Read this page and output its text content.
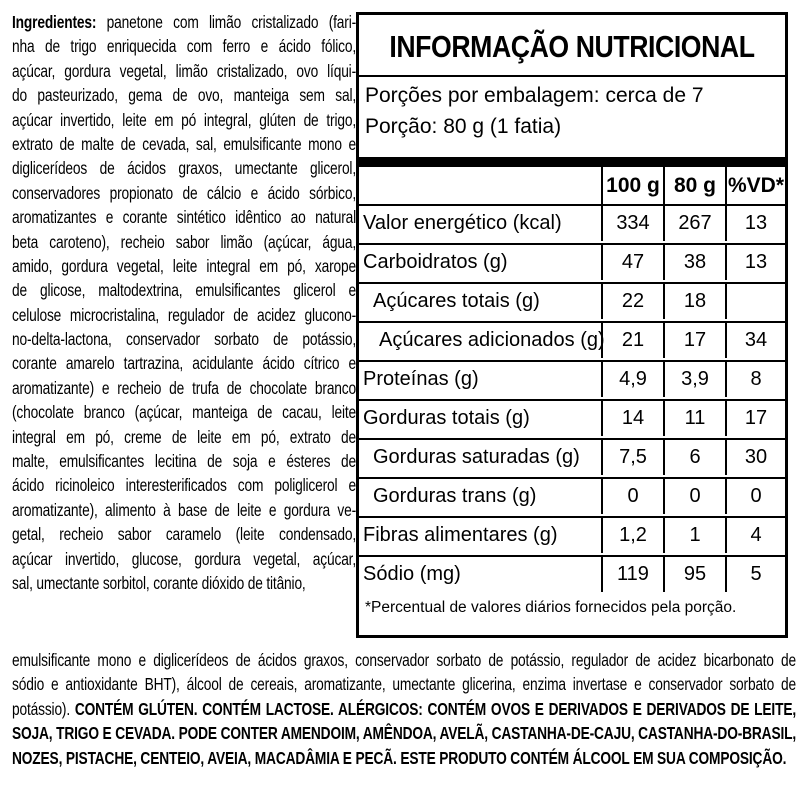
Ingredientes: panetone com limão cristalizado (fari-
nha de trigo enriquecida com ferro e ácido fólico,
açúcar, gordura vegetal, limão cristalizado, ovo líqui-
do pasteurizado, gema de ovo, manteiga sem sal,
açúcar invertido, leite em pó integral, glúten de trigo,
extrato de malte de cevada, sal, emulsificante mono e
diglicerídeos de ácidos graxos, umectante glicerol,
conservadores propionato de cálcio e ácido sórbico,
aromatizantes e corante sintético idêntico ao natural
beta caroteno), recheio sabor limão (açúcar, água,
amido, gordura vegetal, leite integral em pó, xarope
de glicose, maltodextrina, emulsificantes glicerol e
celulose microcristalina, regulador de acidez glucono-
no-delta-lactona, conservador sorbato de potássio,
corante amarelo tartrazina, acidulante ácido cítrico e
aromatizante) e recheio de trufa de chocolate branco
(chocolate branco (açúcar, manteiga de cacau, leite
integral em pó, creme de leite em pó, extrato de
malte, emulsificantes lecitina de soja e ésteres de
ácido ricinoleico interesterificados com poliglicerol e
aromatizante), alimento à base de leite e gordura ve-
getal, recheio sabor caramelo (leite condensado,
açúcar invertido, glucose, gordura vegetal, açúcar,
sal, umectante sorbitol, corante dióxido de titânio,
emulsificante mono e diglicerídeos de ácidos graxos, conservador sorbato de potássio, regulador de acidez bicarbonato de
sódio e antioxidante BHT), álcool de cereais, aromatizante, umectante glicerina, enzima invertase e conservador sorbato de
potássio). CONTÉM GLÚTEN. CONTÉM LACTOSE. ALÉRGICOS: CONTÉM OVOS E DERIVADOS E DERIVADOS DE LEITE,
SOJA, TRIGO E CEVADA. PODE CONTER AMENDOIM, AMÊNDOA, AVELÃ, CASTANHA-DE-CAJU, CASTANHA-DO-BRASIL,
NOZES, PISTACHE, CENTEIO, AVEIA, MACADÂMIA E PECÃ. ESTE PRODUTO CONTÉM ÁLCOOL EM SUA COMPOSIÇÃO.
INFORMAÇÃO NUTRICIONAL
Porções por embalagem: cerca de 7
Porção: 80 g (1 fatia)
100 g 80 g %VD*
Valor energético (kcal)	334	267	13
Carboidratos (g)	47	38	13
Açúcares totais (g)	22	18
Açúcares adicionados (g) 21	17	34
Proteínas (g)	4,9	3,9	8
Gorduras totais (g)	14	11	17
Gorduras saturadas (g)	7,5	6	30
Gorduras trans (g)	0	0	0
Fibras alimentares (g)	1,2	1	4
Sódio (mg)	119	95	5
*Percentual de valores diários fornecidos pela porção.
